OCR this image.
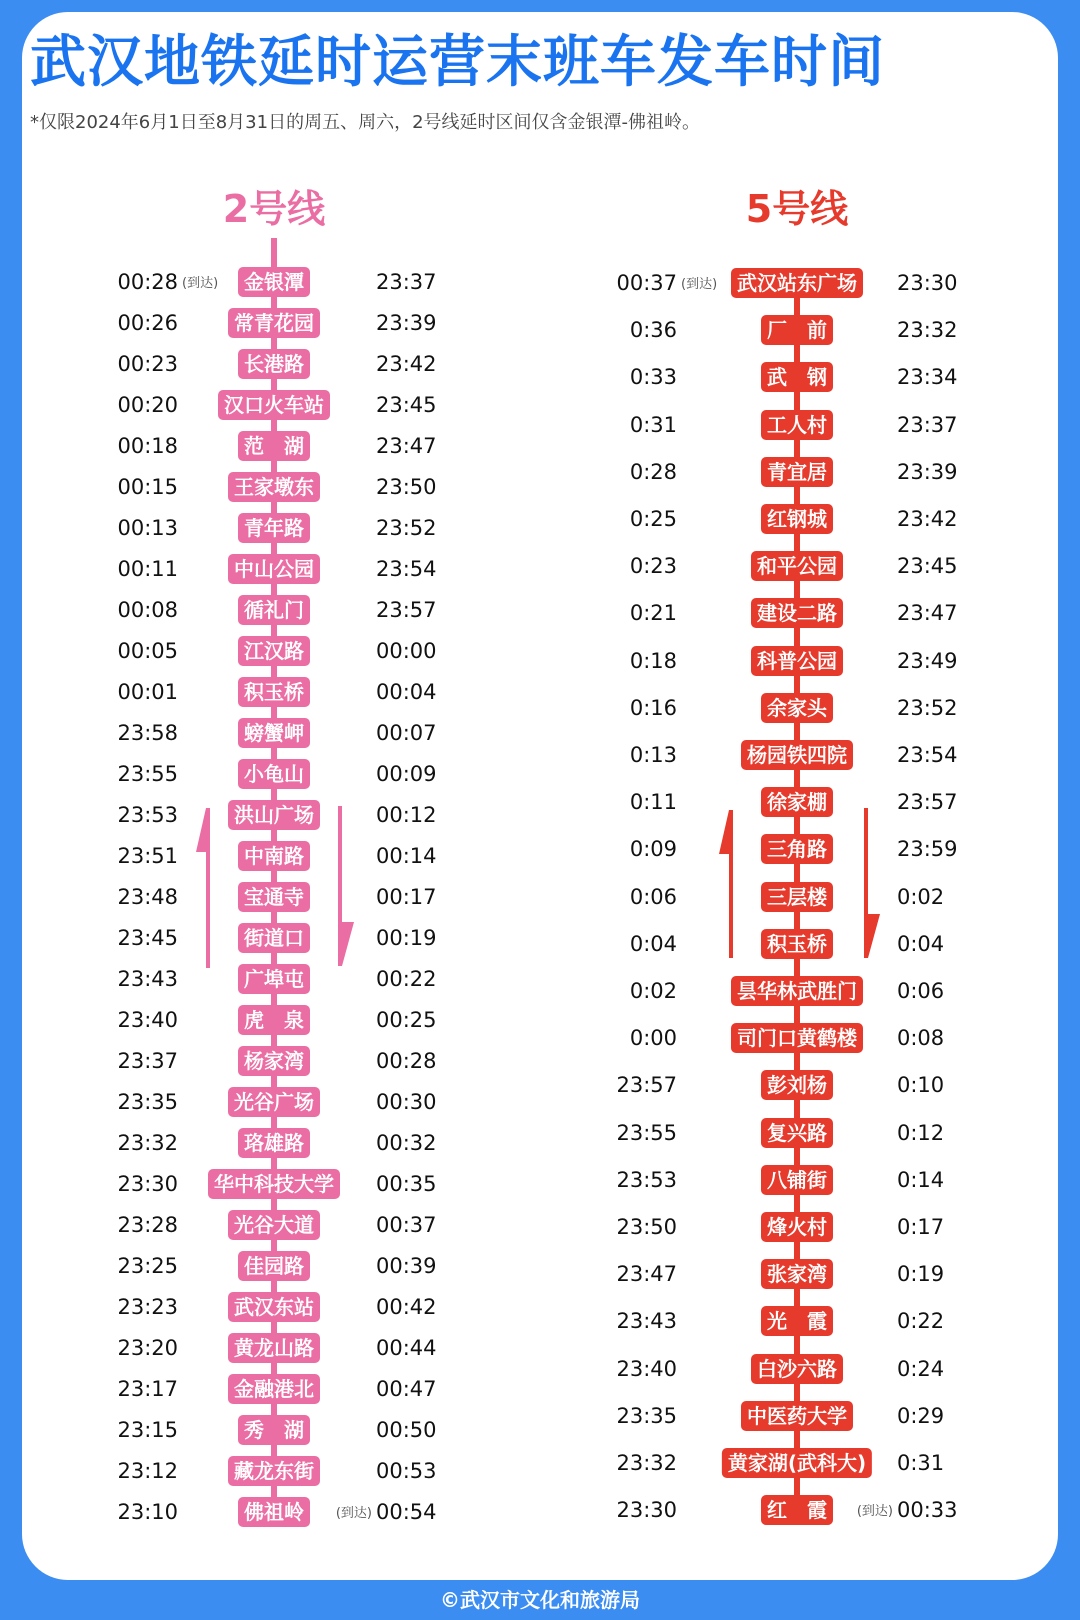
武汉地铁延时运营末班车发车时间
*仅限2024年6月1日至8月31日的周五、周六，2号线延时区间仅含金银潭-佛祖岭。
2号线	5号线
00:28	金银潭	23:37
(到达)
00:26	常青花园	23:39
00:23	长港路	23:42
00:20	汉口火车站 23:45
00:18	范　湖	23:47
00:15	王家墩东	23:50
00:13	青年路	23:52
00:11	中山公园	23:54
00:08	循礼门	23:57
00:05	江汉路	00:00
00:01	积玉桥	00:04
23:58	螃蟹岬	00:07
23:55	小龟山	00:09
23:53	洪山广场	00:12
23:51	中南路	00:14
23:48	宝通寺	00:17
23:45	街道口	00:19
23:43	广埠屯	00:22
23:40	虎　泉	00:25
23:37	杨家湾	00:28
23:35	光谷广场	00:30
23:32	珞雄路	00:32
23:30	华中科技大学 00:35
23:28	光谷大道	00:37
23:25	佳园路	00:39
23:23	武汉东站	00:42
23:20	黄龙山路	00:44
23:17	金融港北	00:47
23:15	秀　湖	00:50
23:12	藏龙东街	00:53
23:10	佛祖岭	00:54
(到达)
00:37	武汉站东广场 23:30
(到达)
0:36	厂　前	23:32
0:33	武　钢	23:34
0:31	工人村	23:37
0:28	青宜居	23:39
0:25	红钢城	23:42
0:23	和平公园	23:45
0:21	建设二路	23:47
0:18	科普公园	23:49
0:16	余家头	23:52
0:13	杨园铁四院 23:54
0:11	徐家棚	23:57
0:09	三角路	23:59
0:06	三层楼	0:02
0:04	积玉桥	0:04
0:02	昙华林武胜门 0:06
0:00	司门口黄鹤楼 0:08
23:57	彭刘杨	0:10
23:55	复兴路	0:12
23:53	八铺街	0:14
23:50	烽火村	0:17
23:47	张家湾	0:19
23:43	光　霞	0:22
23:40	白沙六路	0:24
23:35	中医药大学 0:29
23:32	黄家湖(武科大) 0:31
23:30	红　霞	00:33
(到达)
©武汉市文化和旅游局
